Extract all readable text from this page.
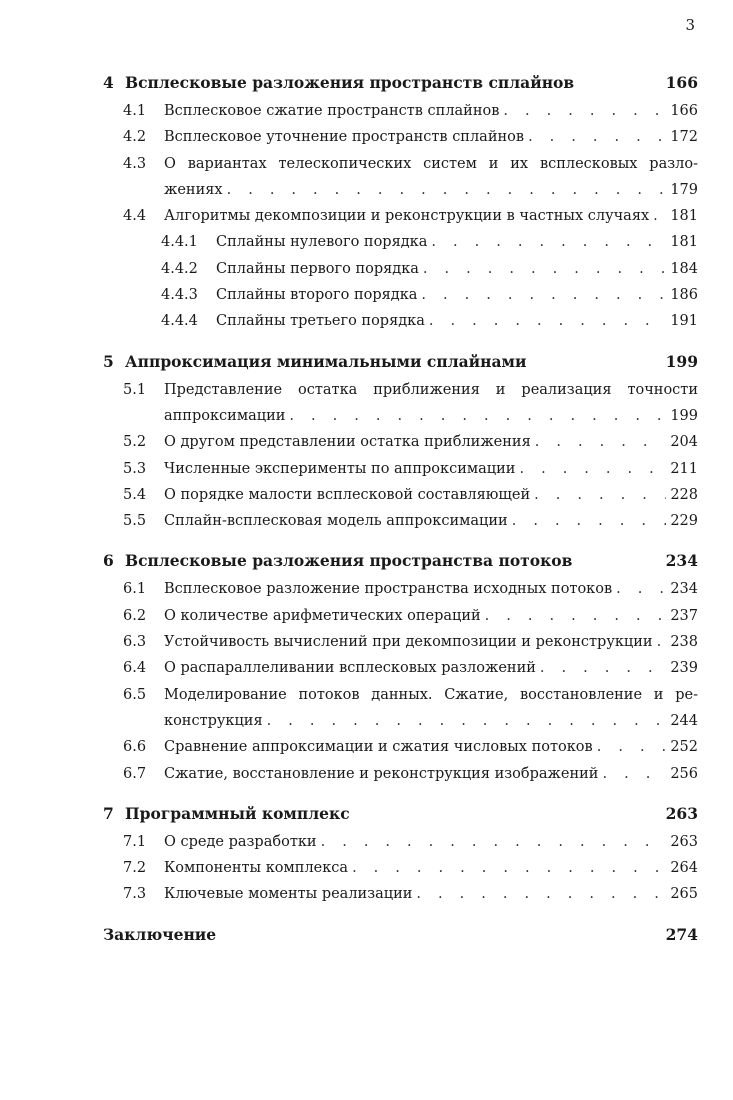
3
4 Всплесковые разложения пространств сплайнов	166
4.1	Всплесковое сжатие пространств сплайнов . . .	166
4.2	Всплесковое уточнение пространств сплайнов . . .	172
4.3	О вариантах телескопических систем и их всплесковых разло-
жениях . . .	179
4.4	Алгоритмы декомпозиции и реконструкции в частных случаях . . . 181
4.4.1	Сплайны нулевого порядка . . .	181
4.4.2	Сплайны первого порядка . . .	184
4.4.3	Сплайны второго порядка . . .	186
4.4.4	Сплайны третьего порядка . . .	191
5 Аппроксимация минимальными сплайнами	199
5.1	Представление остатка приближения и реализация точности
аппроксимации . . .	199
5.2	О другом представлении остатка приближения . . .	204
5.3	Численные эксперименты по аппроксимации . . .	211
5.4	О порядке малости всплесковой составляющей . . .	228
5.5	Сплайн-всплесковая модель аппроксимации . . .	229
6 Всплесковые разложения пространства потоков	234
6.1	Всплесковое разложение пространства исходных потоков . . .	234
6.2	О количестве арифметических операций . . .	237
6.3	Устойчивость вычислений при декомпозиции и реконструкции . . . 238
6.4	О распараллеливании всплесковых разложений . . .	239
6.5	Моделирование потоков данных. Сжатие, восстановление и ре-
конструкция . . .	244
6.6	Сравнение аппроксимации и сжатия числовых потоков . . .	252
6.7	Сжатие, восстановление и реконструкция изображений . . .	256
7 Программный комплекс	263
7.1	О среде разработки . . .	263
7.2	Компоненты комплекса . . .	264
7.3	Ключевые моменты реализации . . .	265
Заключение	274
